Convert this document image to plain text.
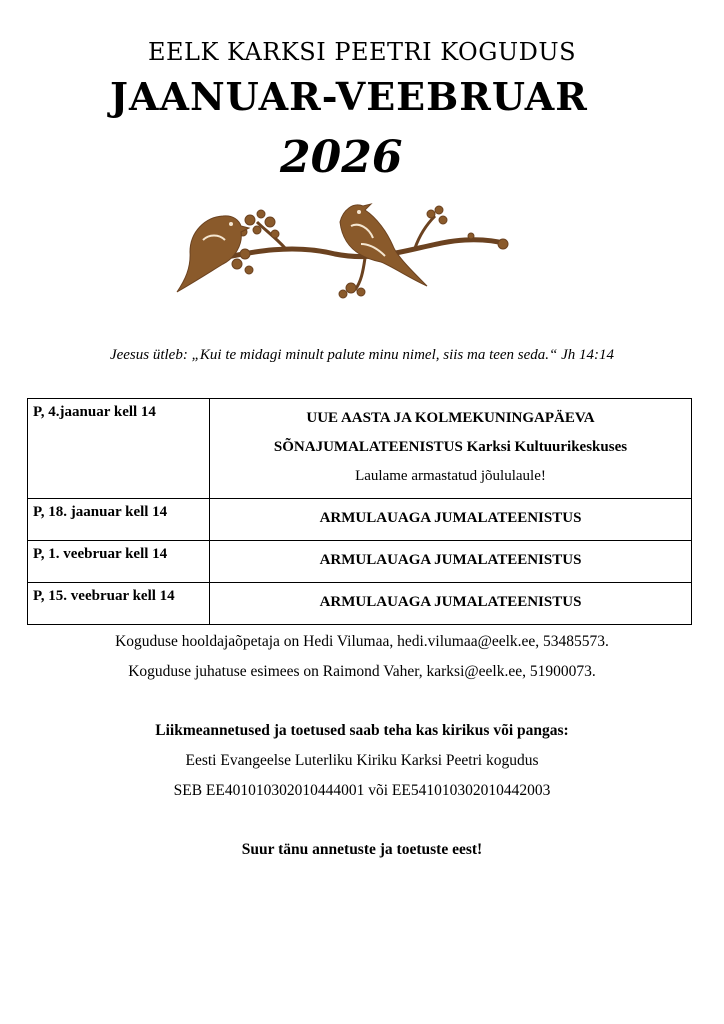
EELK KARKSI PEETRI KOGUDUS
JAANUAR-VEEBRUAR
2026
Jeesus ütleb: „Kui te midagi minult palute minu nimel, siis ma teen seda.“ Jh 14:14
P, 4.jaanuar kell 14	UUE AASTA JA KOLMEKUNINGAPÄEVA
SÕNAJUMALATEENISTUS Karksi Kultuurikeskuses
Laulame armastatud jõululaule!

P, 18. jaanuar kell 14	ARMULAUAGA JUMALATEENISTUS

P, 1. veebruar kell 14	ARMULAUAGA JUMALATEENISTUS

P, 15. veebruar kell 14	ARMULAUAGA JUMALATEENISTUS
Koguduse hooldajaõpetaja on Hedi Vilumaa, hedi.vilumaa@eelk.ee, 53485573.
Koguduse juhatuse esimees on Raimond Vaher, karksi@eelk.ee, 51900073.
Liikmeannetused ja toetused saab teha kas kirikus või pangas:
Eesti Evangeelse Luterliku Kiriku Karksi Peetri kogudus
SEB EE401010302010444001 või EE541010302010442003
Suur tänu annetuste ja toetuste eest!
